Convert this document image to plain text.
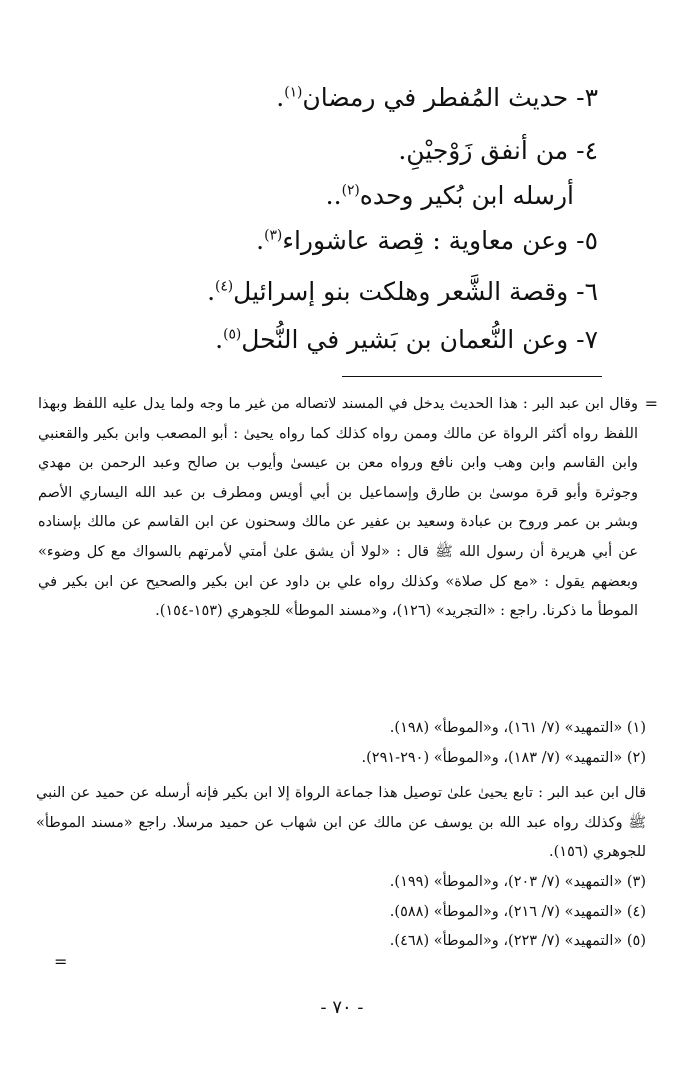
٣- حديث المُفطر في رمضان$^{(١)}$.
٤- من أنفق زَوْجيْنِ.
أرسله ابن بُكير وحده$^{(٢)}$..
٥- وعن معاوية : قِصة عاشوراء$^{(٣)}$.
٦- وقصة الشَّعر وهلكت بنو إسرائيل$^{(٤)}$.
٧- وعن النُّعمان بن بَشير في النُّحل$^{(٥)}$.
=

وقال ابن عبد البر : هذا الحديث يدخل في المسند لاتصاله من غير ما وجه ولما يدل عليه اللفظ وبهذا اللفظ رواه أكثر الرواة عن مالك وممن رواه كذلك كما رواه يحيىٰ : أبو المصعب وابن بكير والقعنبي وابن القاسم وابن وهب وابن نافع ورواه معن بن عيسىٰ وأيوب بن صالح وعبد الرحمن بن مهدي وجوثرة وأبو قرة موسىٰ بن طارق وإسماعيل بن أبي أويس ومطرف بن عبد الله اليساري الأصم وبشر بن عمر وروح بن عبادة وسعيد بن عفير عن مالك وسحنون عن ابن القاسم عن مالك بإسناده عن أبي هريرة أن رسول الله ﷺ قال : «لولا أن يشق علىٰ أمتي لأمرتهم بالسواك مع كل وضوء» وبعضهم يقول : «مع كل صلاة» وكذلك رواه علي بن داود عن ابن بكير والصحيح عن ابن بكير في الموطأ ما ذكرنا. راجع : «التجريد» (١٢٦)، و«مسند الموطأ» للجوهري (١٥٣-١٥٤).

(١) «التمهيد» (٧/ ١٦١)، و«الموطأ» (١٩٨).

(٢) «التمهيد» (٧/ ١٨٣)، و«الموطأ» (٢٩٠-٢٩١).

قال ابن عبد البر : تابع يحيىٰ علىٰ توصيل هذا جماعة الرواة إلا ابن بكير فإنه أرسله عن حميد عن النبي ﷺ وكذلك رواه عبد الله بن يوسف عن مالك عن ابن شهاب عن حميد مرسلا. راجع «مسند الموطأ» للجوهري (١٥٦).

(٣) «التمهيد» (٧/ ٢٠٣)، و«الموطأ» (١٩٩).

(٤) «التمهيد» (٧/ ٢١٦)، و«الموطأ» (٥٨٨).

(٥) «التمهيد» (٧/ ٢٢٣)، و«الموطأ» (٤٦٨).

=
- ٧٠ -
